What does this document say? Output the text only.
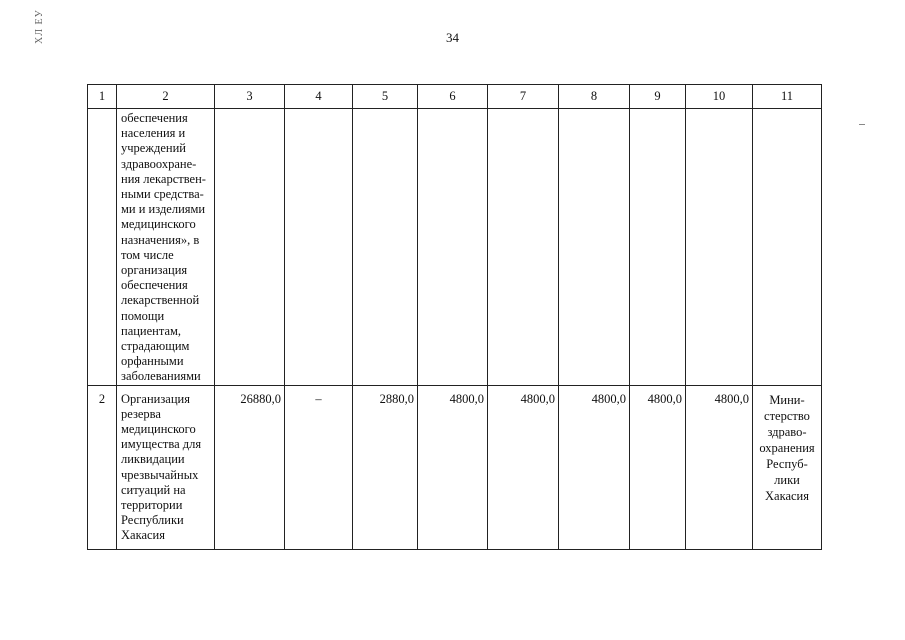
34
ХЛ ЕУ
1	2	3	4	5	6	7	8	9	10	11
	обеспечения населения и учреждений здравоохране-ния лекарствен-ными средства-ми и изделиями медицинского назначения», в том числе организация обеспечения лекарственной помощи пациентам, страдающим орфанными заболеваниями									
2	Организация резерва медицинского имущества для ликвидации чрезвычайных ситуаций на территории Республики Хакасия	26880,0	–	2880,0	4800,0	4800,0	4800,0	4800,0	4800,0	Мини-стерство здраво-охранения Респуб-лики Хакасия
